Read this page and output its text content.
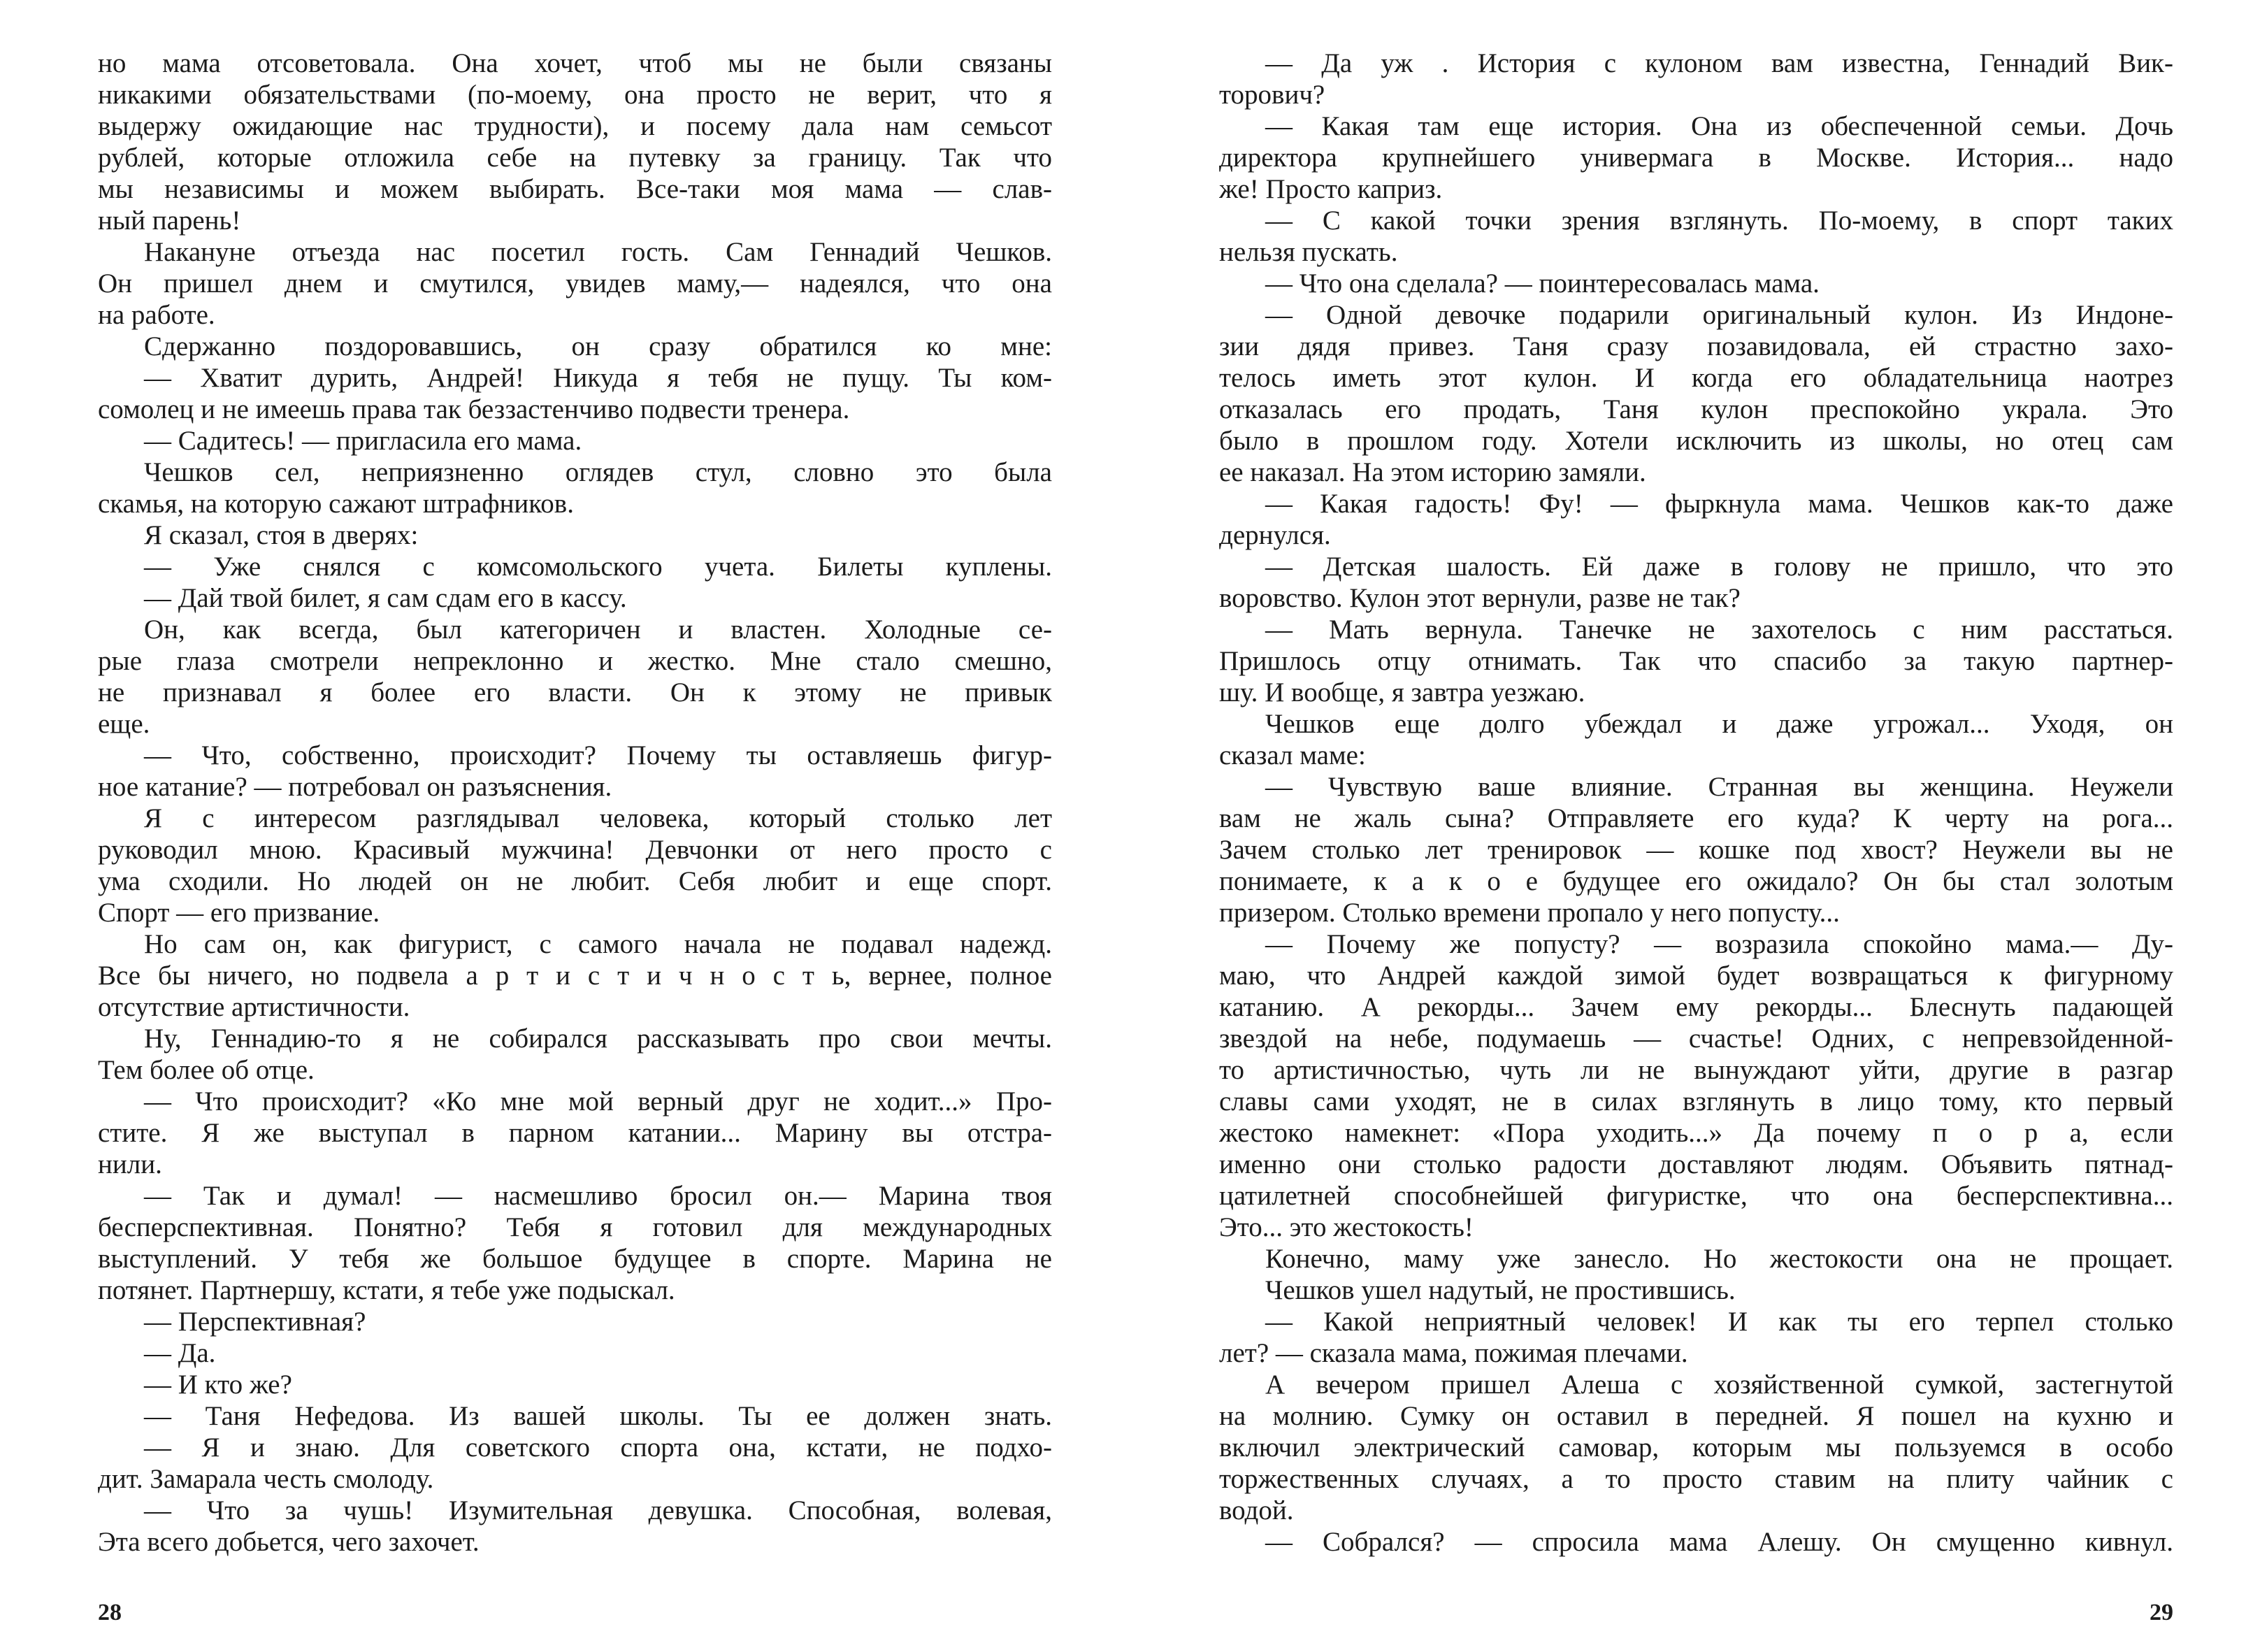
но мама отсоветовала. Она хочет, чтоб мы не были связаны
никакими обязательствами (по-моему, она просто не верит, что я
выдержу ожидающие нас трудности), и посему дала нам семьсот
рублей, которые отложила себе на путевку за границу. Так что
мы независимы и можем выбирать. Все-таки моя мама — слав-
ный парень!
Накануне отъезда нас посетил гость. Сам Геннадий Чешков.
Он пришел днем и смутился, увидев маму,— надеялся, что она
на работе.
Сдержанно поздоровавшись, он сразу обратился ко мне:
— Хватит дурить, Андрей! Никуда я тебя не пущу. Ты ком-
сомолец и не имеешь права так беззастенчиво подвести тренера.
— Садитесь! — пригласила его мама.
Чешков сел, неприязненно оглядев стул, словно это была
скамья, на которую сажают штрафников.
Я сказал, стоя в дверях:
— Уже снялся с комсомольского учета. Билеты куплены.
— Дай твой билет, я сам сдам его в кассу.
Он, как всегда, был категоричен и властен. Холодные се-
рые глаза смотрели непреклонно и жестко. Мне стало смешно,
не признавал я более его власти. Он к этому не привык
еще.
— Что, собственно, происходит? Почему ты оставляешь фигур-
ное катание? — потребовал он разъяснения.
Я с интересом разглядывал человека, который столько лет
руководил мною. Красивый мужчина! Девчонки от него просто с
ума сходили. Но людей он не любит. Себя любит и еще спорт.
Спорт — его призвание.
Но сам он, как фигурист, с самого начала не подавал надежд.
Все бы ничего, но подвела а р т и с т и ч н о с т ь, вернее, полное
отсутствие артистичности.
Ну, Геннадию-то я не собирался рассказывать про свои мечты.
Тем более об отце.
— Что происходит? «Ко мне мой верный друг не ходит...» Про-
стите. Я же выступал в парном катании... Марину вы отстра-
нили.
— Так и думал! — насмешливо бросил он.— Марина твоя
бесперспективная. Понятно? Тебя я готовил для международных
выступлений. У тебя же большое будущее в спорте. Марина не
потянет. Партнершу, кстати, я тебе уже подыскал.
— Перспективная?
— Да.
— И кто же?
— Таня Нефедова. Из вашей школы. Ты ее должен знать.
— Я и знаю. Для советского спорта она, кстати, не подхо-
дит. Замарала честь смолоду.
— Что за чушь! Изумительная девушка. Способная, волевая,
Эта всего добьется, чего захочет.
28
— Да уж . История с кулоном вам известна, Геннадий Вик-
торович?
— Какая там еще история. Она из обеспеченной семьи. Дочь
директора крупнейшего универмага в Москве. История... надо
же! Просто каприз.
— С какой точки зрения взглянуть. По-моему, в спорт таких
нельзя пускать.
— Что она сделала? — поинтересовалась мама.
— Одной девочке подарили оригинальный кулон. Из Индоне-
зии дядя привез. Таня сразу позавидовала, ей страстно захо-
телось иметь этот кулон. И когда его обладательница наотрез
отказалась его продать, Таня кулон преспокойно украла. Это
было в прошлом году. Хотели исключить из школы, но отец сам
ее наказал. На этом историю замяли.
— Какая гадость! Фу! — фыркнула мама. Чешков как-то даже
дернулся.
— Детская шалость. Ей даже в голову не пришло, что это
воровство. Кулон этот вернули, разве не так?
— Мать вернула. Танечке не захотелось с ним расстаться.
Пришлось отцу отнимать. Так что спасибо за такую партнер-
шу. И вообще, я завтра уезжаю.
Чешков еще долго убеждал и даже угрожал... Уходя, он
сказал маме:
— Чувствую ваше влияние. Странная вы женщина. Неужели
вам не жаль сына? Отправляете его куда? К черту на рога...
Зачем столько лет тренировок — кошке под хвост? Неужели вы не
понимаете, к а к о е будущее его ожидало? Он бы стал золотым
призером. Столько времени пропало у него попусту...
— Почему же попусту? — возразила спокойно мама.— Ду-
маю, что Андрей каждой зимой будет возвращаться к фигурному
катанию. А рекорды... Зачем ему рекорды... Блеснуть падающей
звездой на небе, подумаешь — счастье! Одних, с непревзойденной-
то артистичностью, чуть ли не вынуждают уйти, другие в разгар
славы сами уходят, не в силах взглянуть в лицо тому, кто первый
жестоко намекнет: «Пора уходить...» Да почему п о р а, если
именно они столько радости доставляют людям. Объявить пятнад-
цатилетней способнейшей фигуристке, что она бесперспективна...
Это... это жестокость!
Конечно, маму уже занесло. Но жестокости она не прощает.
Чешков ушел надутый, не простившись.
— Какой неприятный человек! И как ты его терпел столько
лет? — сказала мама, пожимая плечами.
А вечером пришел Алеша с хозяйственной сумкой, застегнутой
на молнию. Сумку он оставил в передней. Я пошел на кухню и
включил электрический самовар, которым мы пользуемся в особо
торжественных случаях, а то просто ставим на плиту чайник с
водой.
— Собрался? — спросила мама Алешу. Он смущенно кивнул.
29
